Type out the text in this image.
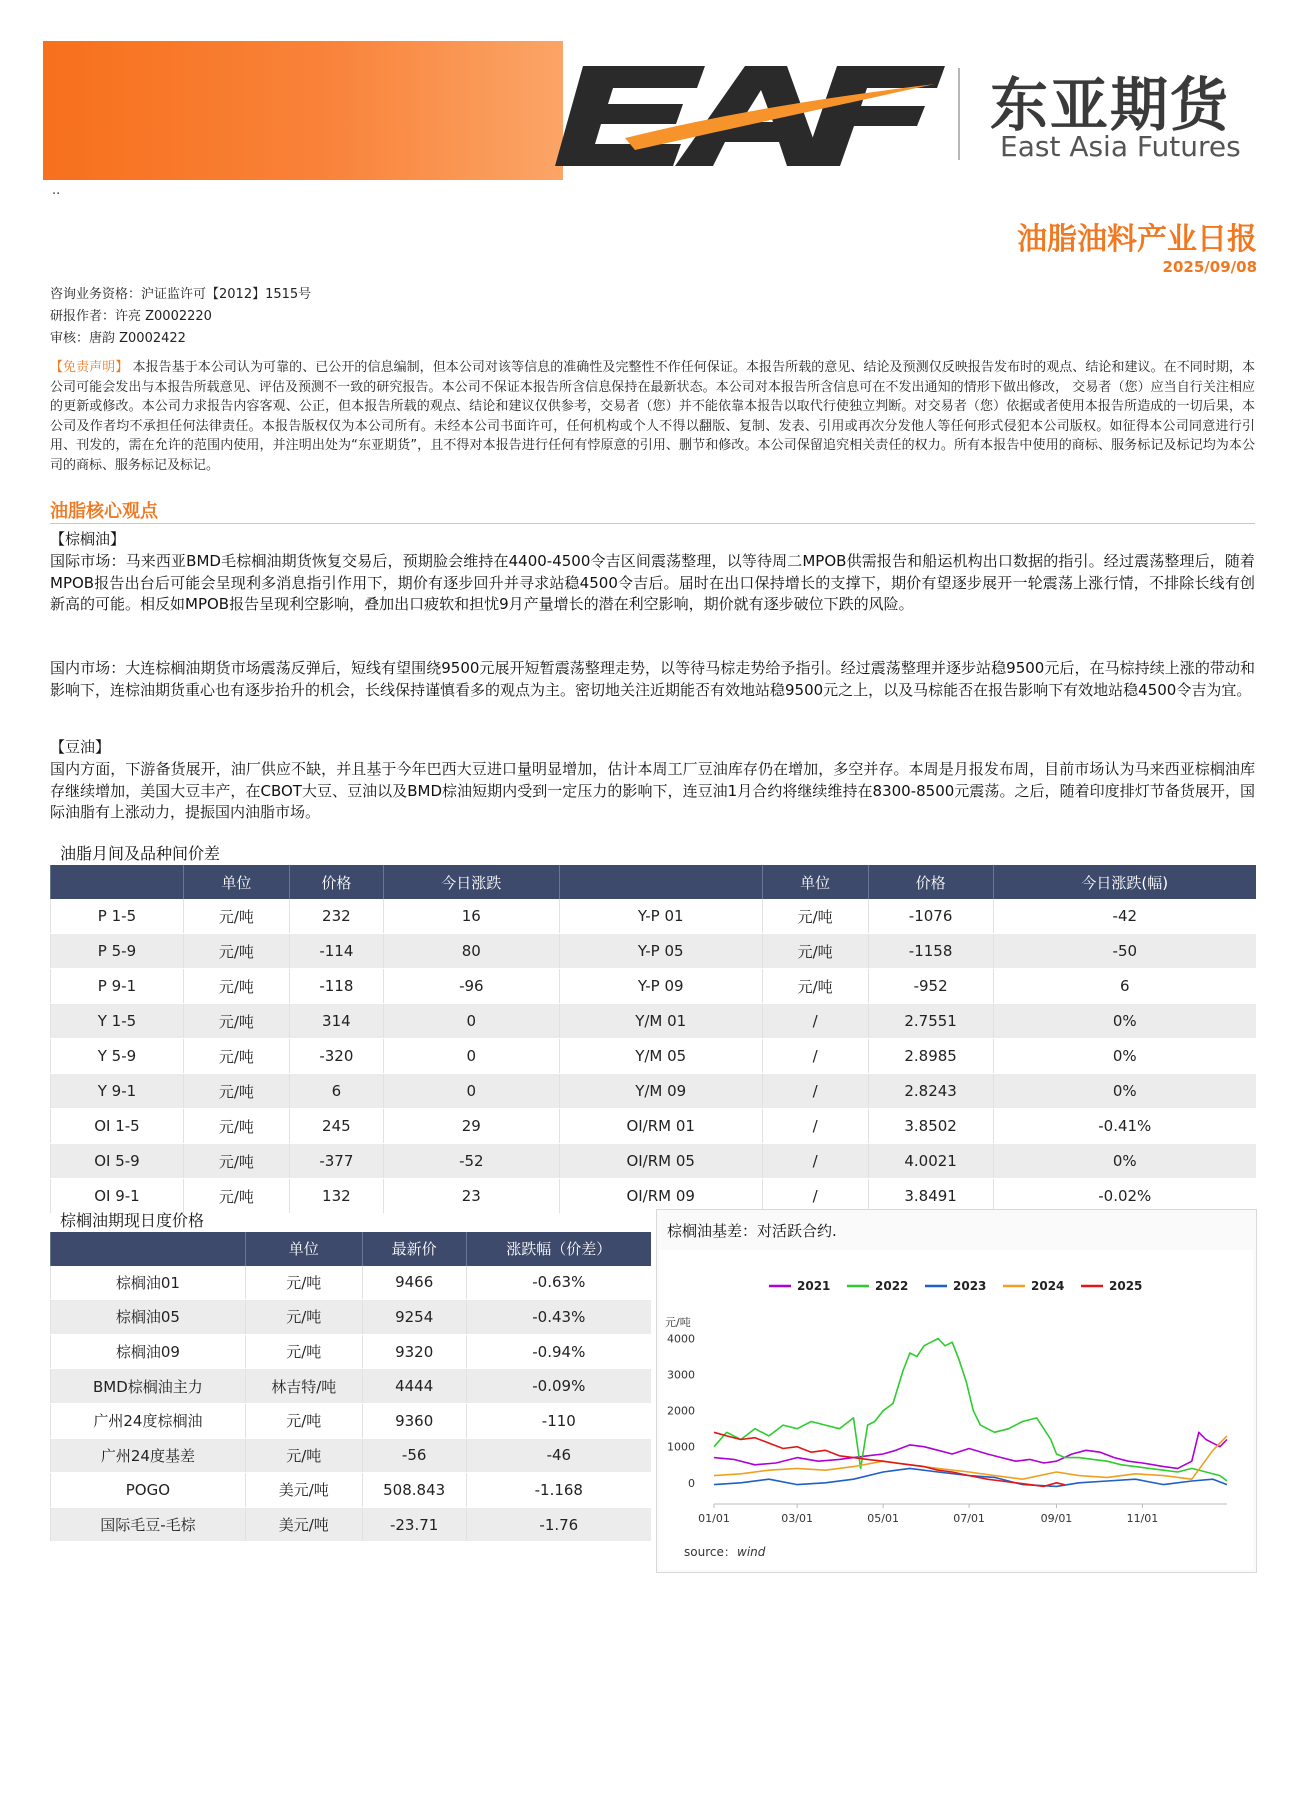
东亚期货
East Asia Futures
..
油脂油料产业日报
2025/09/08
咨询业务资格：沪证监许可【2012】1515号
研报作者：许亮 Z0002220
审核：唐韵 Z0002422
【免责声明】 本报告基于本公司认为可靠的、已公开的信息编制，但本公司对该等信息的准确性及完整性不作任何保证。本报告所载的意见、结论及预测仅反映报告发布时的观点、结论和建议。在不同时期，本公司可能会发出与本报告所载意见、评估及预测不一致的研究报告。本公司不保证本报告所含信息保持在最新状态。本公司对本报告所含信息可在不发出通知的情形下做出修改， 交易者（您）应当自行关注相应的更新或修改。本公司力求报告内容客观、公正，但本报告所载的观点、结论和建议仅供参考，交易者（您）并不能依靠本报告以取代行使独立判断。对交易者（您）依据或者使用本报告所造成的一切后果，本公司及作者均不承担任何法律责任。本报告版权仅为本公司所有。未经本公司书面许可，任何机构或个人不得以翻版、复制、发表、引用或再次分发他人等任何形式侵犯本公司版权。如征得本公司同意进行引用、刊发的，需在允许的范围内使用，并注明出处为“东亚期货”，且不得对本报告进行任何有悖原意的引用、删节和修改。本公司保留追究相关责任的权力。所有本报告中使用的商标、服务标记及标记均为本公司的商标、服务标记及标记。
油脂核心观点
【棕榈油】
国际市场：马来西亚BMD毛棕榈油期货恢复交易后，预期脸会维持在4400-4500令吉区间震荡整理，以等待周二MPOB供需报告和船运机构出口数据的指引。经过震荡整理后，随着MPOB报告出台后可能会呈现利多消息指引作用下，期价有逐步回升并寻求站稳4500令吉后。届时在出口保持增长的支撑下，期价有望逐步展开一轮震荡上涨行情，不排除长线有创新高的可能。相反如MPOB报告呈现利空影响，叠加出口疲软和担忧9月产量增长的潜在利空影响，期价就有逐步破位下跌的风险。
国内市场：大连棕榈油期货市场震荡反弹后，短线有望围绕9500元展开短暂震荡整理走势，以等待马棕走势给予指引。经过震荡整理并逐步站稳9500元后，在马棕持续上涨的带动和影响下，连棕油期货重心也有逐步抬升的机会，长线保持谨慎看多的观点为主。密切地关注近期能否有效地站稳9500元之上，以及马棕能否在报告影响下有效地站稳4500令吉为宜。
【豆油】
国内方面，下游备货展开，油厂供应不缺，并且基于今年巴西大豆进口量明显增加，估计本周工厂豆油库存仍在增加，多空并存。本周是月报发布周，目前市场认为马来西亚棕榈油库存继续增加，美国大豆丰产，在CBOT大豆、豆油以及BMD棕油短期内受到一定压力的影响下，连豆油1月合约将继续维持在8300-8500元震荡。之后，随着印度排灯节备货展开，国际油脂有上涨动力，提振国内油脂市场。
油脂月间及品种间价差
	单位	价格	今日涨跌		单位	价格	今日涨跌(幅)
P 1-5	元/吨	232	16	Y-P 01	元/吨	-1076	-42
P 5-9	元/吨	-114	80	Y-P 05	元/吨	-1158	-50
P 9-1	元/吨	-118	-96	Y-P 09	元/吨	-952	6
Y 1-5	元/吨	314	0	Y/M 01	/	2.7551	0%
Y 5-9	元/吨	-320	0	Y/M 05	/	2.8985	0%
Y 9-1	元/吨	6	0	Y/M 09	/	2.8243	0%
OI 1-5	元/吨	245	29	OI/RM 01	/	3.8502	-0.41%
OI 5-9	元/吨	-377	-52	OI/RM 05	/	4.0021	0%
OI 9-1	元/吨	132	23	OI/RM 09	/	3.8491	-0.02%
棕榈油期现日度价格
	单位	最新价	涨跌幅（价差）
棕榈油01	元/吨	9466	-0.63%
棕榈油05	元/吨	9254	-0.43%
棕榈油09	元/吨	9320	-0.94%
BMD棕榈油主力	林吉特/吨	4444	-0.09%
广州24度棕榈油	元/吨	9360	-110
广州24度基差	元/吨	-56	-46
POGO	美元/吨	508.843	-1.168
国际毛豆-毛棕	美元/吨	-23.71	-1.76
棕榈油基差：对活跃合约.
元/吨
0
1000
2000
3000
4000
01/01	03/01	05/01	07/01	09/01	11/01
2021	2022	2023	2024	2025
source： wind
